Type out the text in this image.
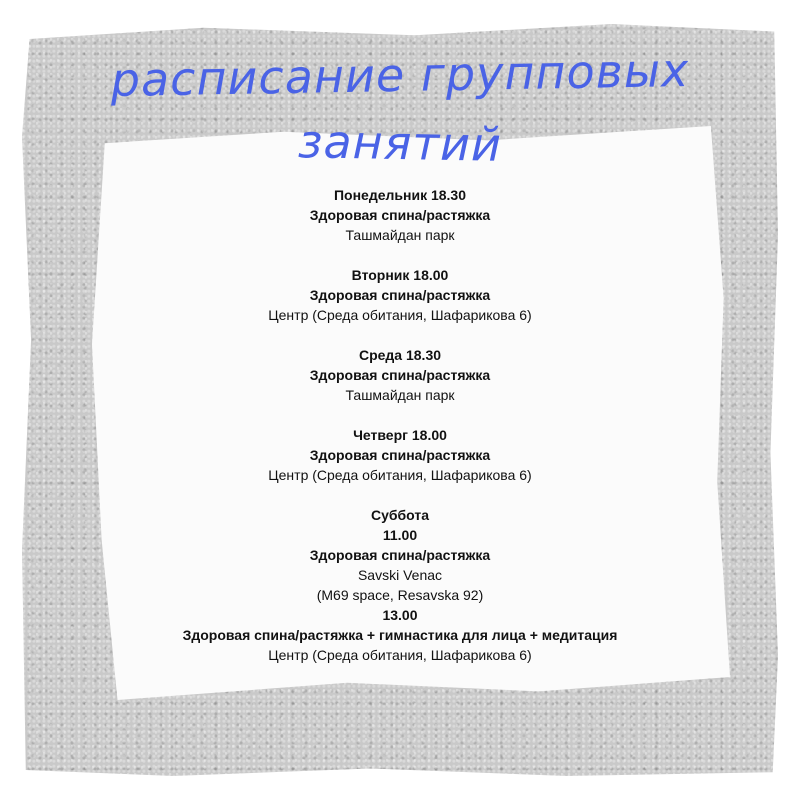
расписание групповых
занятий
Понедельник 18.30
Здоровая спина/растяжка
Ташмайдан парк
Вторник 18.00
Здоровая спина/растяжка
Центр (Среда обитания, Шафарикова 6)
Среда 18.30
Здоровая спина/растяжка
Ташмайдан парк
Четверг 18.00
Здоровая спина/растяжка
Центр (Среда обитания, Шафарикова 6)
Суббота
11.00
Здоровая спина/растяжка
Savski Venac
(M69 space, Resavska 92)
13.00
Здоровая спина/растяжка + гимнастика для лица + медитация
Центр (Среда обитания, Шафарикова 6)
